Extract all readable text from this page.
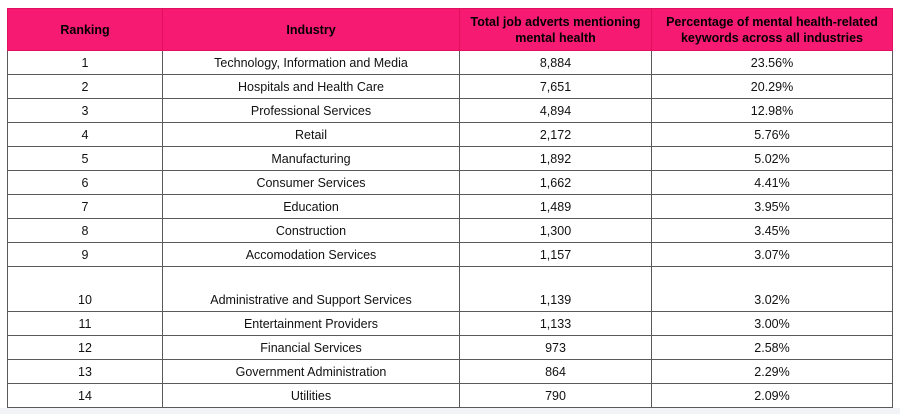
Ranking	Industry	Total job adverts mentioning mental health	Percentage of mental health-related keywords across all industries
1	Technology, Information and Media	8,884	23.56%
2	Hospitals and Health Care	7,651	20.29%
3	Professional Services	4,894	12.98%
4	Retail	2,172	5.76%
5	Manufacturing	1,892	5.02%
6	Consumer Services	1,662	4.41%
7	Education	1,489	3.95%
8	Construction	1,300	3.45%
9	Accomodation Services	1,157	3.07%
10	Administrative and Support Services	1,139	3.02%
11	Entertainment Providers	1,133	3.00%
12	Financial Services	973	2.58%
13	Government Administration	864	2.29%
14	Utilities	790	2.09%
